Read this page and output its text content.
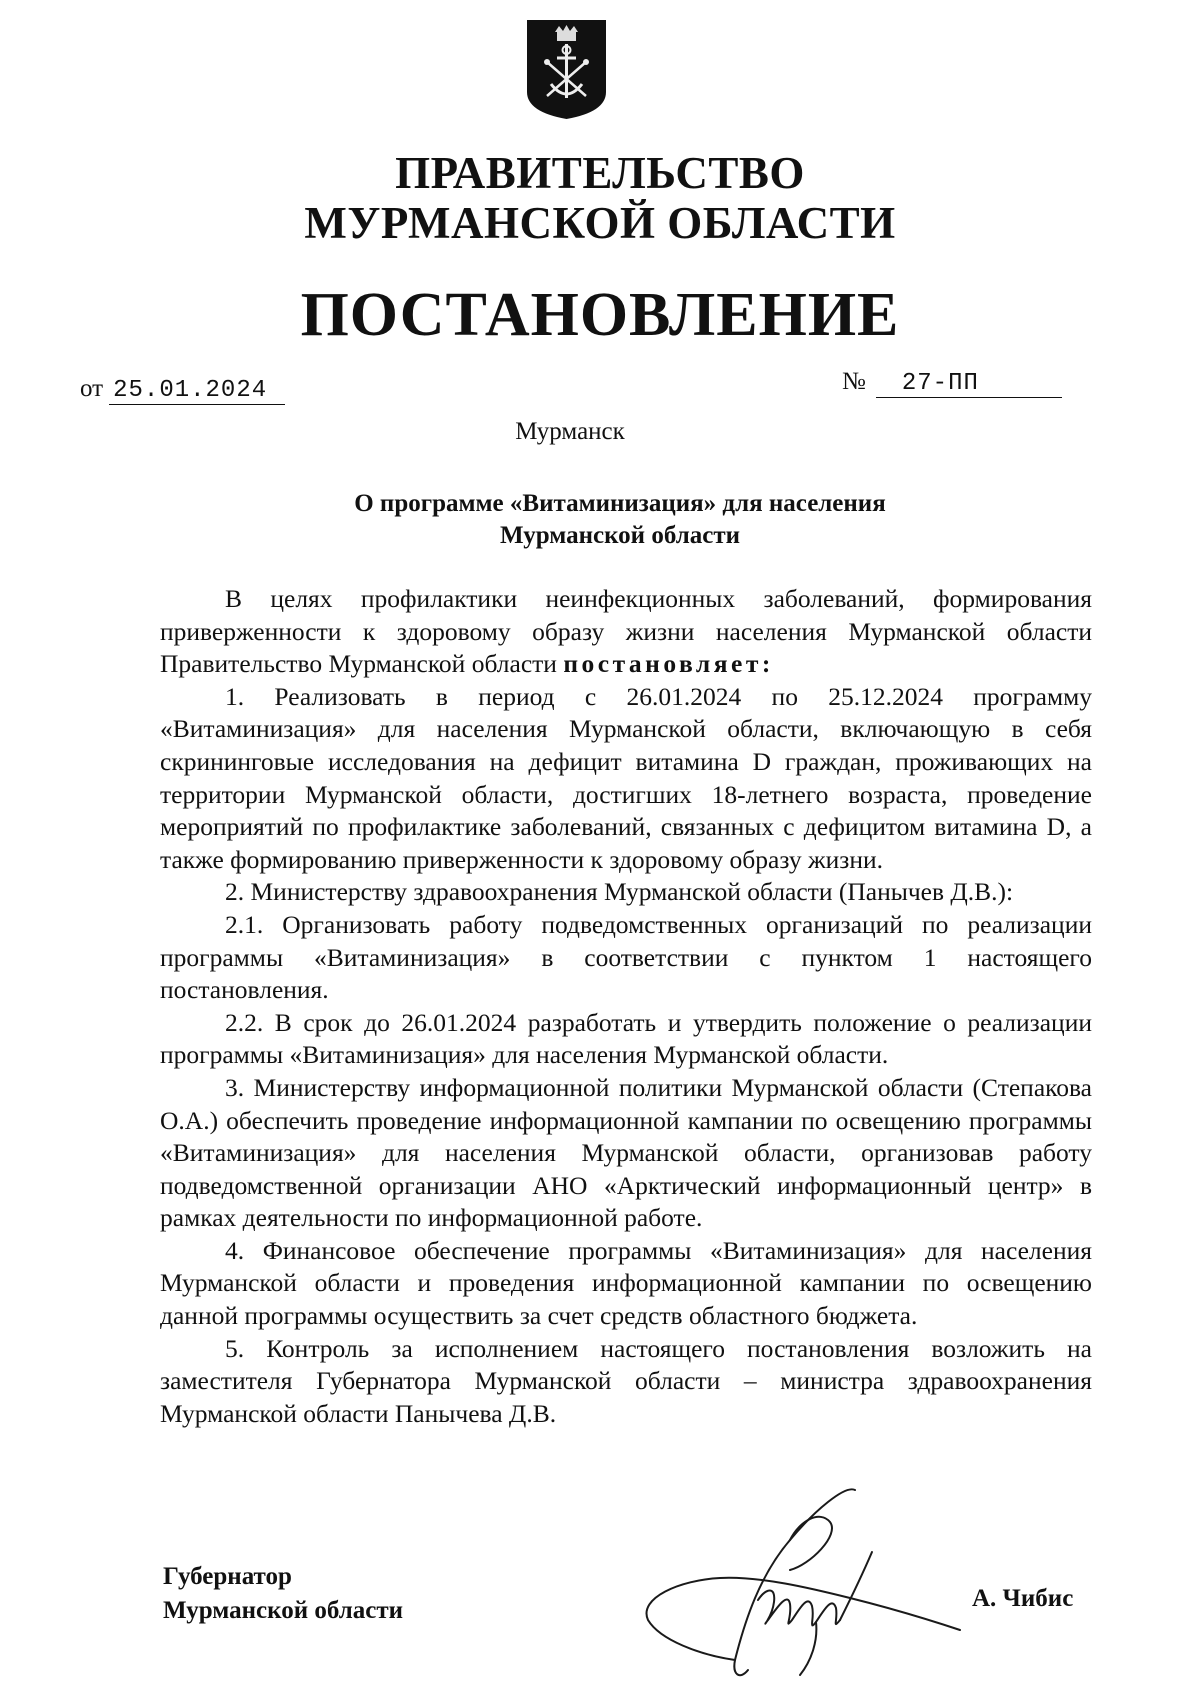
ПРАВИТЕЛЬСТВО
МУРМАНСКОЙ ОБЛАСТИ
ПОСТАНОВЛЕНИЕ
от 25.01.2024	№ 27-ПП
Мурманск
О программе «Витаминизация» для населения
Мурманской области

В целях профилактики неинфекционных заболеваний, формирования приверженности к здоровому образу жизни населения Мурманской области Правительство Мурманской области постановляет:

1. Реализовать в период с 26.01.2024 по 25.12.2024 программу «Витаминизация» для населения Мурманской области, включающую в себя скрининговые исследования на дефицит витамина D граждан, проживающих на территории Мурманской области, достигших 18-летнего возраста, проведение мероприятий по профилактике заболеваний, связанных с дефицитом витамина D, а также формированию приверженности к здоровому образу жизни.

2. Министерству здравоохранения Мурманской области (Панычев Д.В.):

2.1. Организовать работу подведомственных организаций по реализации программы «Витаминизация» в соответствии с пунктом 1 настоящего постановления.

2.2. В срок до 26.01.2024 разработать и утвердить положение о реализации программы «Витаминизация» для населения Мурманской области.

3. Министерству информационной политики Мурманской области (Степакова О.А.) обеспечить проведение информационной кампании по освещению программы «Витаминизация» для населения Мурманской области, организовав работу подведомственной организации АНО «Арктический информационный центр» в рамках деятельности по информационной работе.

4. Финансовое обеспечение программы «Витаминизация» для населения Мурманской области и проведения информационной кампании по освещению данной программы осуществить за счет средств областного бюджета.

5. Контроль за исполнением настоящего постановления возложить на заместителя Губернатора Мурманской области – министра здравоохранения Мурманской области Панычева Д.В.

Губернатор
Мурманской области	А. Чибис
